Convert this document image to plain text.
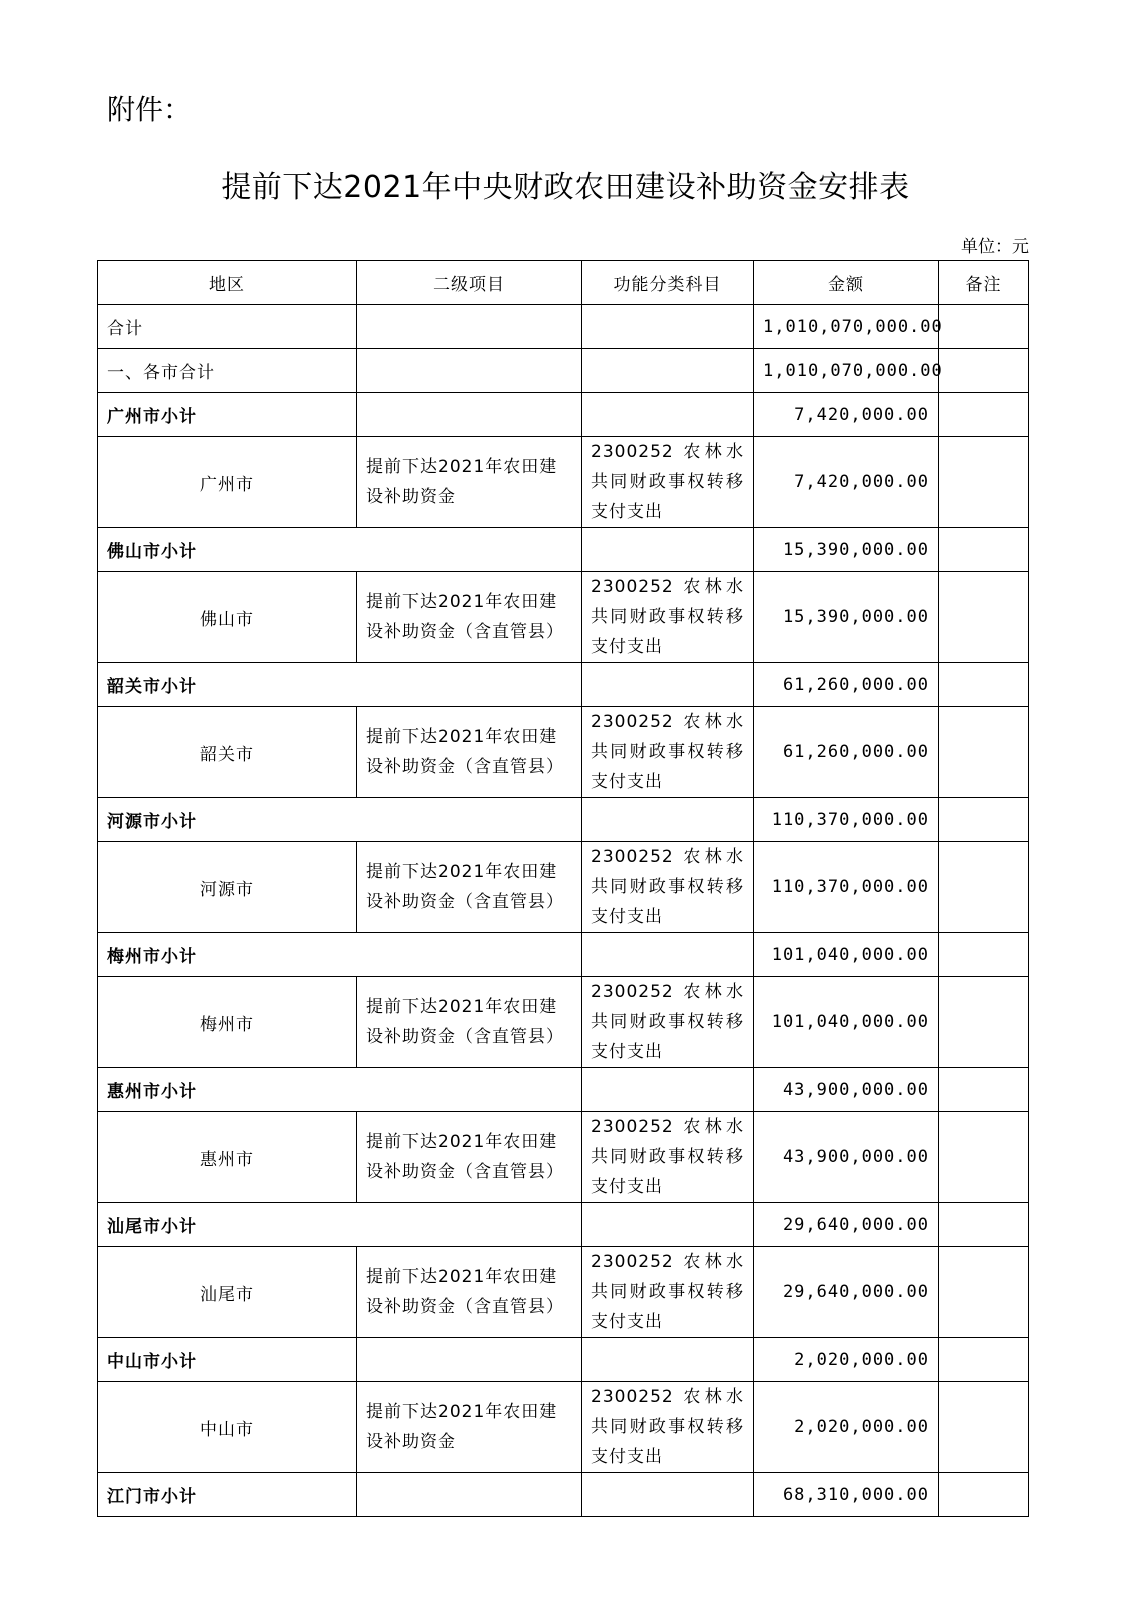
附件：
提前下达2021年中央财政农田建设补助资金安排表
单位：元
地区	二级项目	功能分类科目	金额	备注
合计			1,010,070,000.00	
一、各市合计			1,010,070,000.00	
广州市小计			7,420,000.00	
广州市	提前下达2021年农田建设补助资金	2300252 农林水共同财政事权转移支付支出	7,420,000.00	
佛山市小计			15,390,000.00	
佛山市	提前下达2021年农田建设补助资金（含直管县）	2300252 农林水共同财政事权转移支付支出	15,390,000.00	
韶关市小计			61,260,000.00	
韶关市	提前下达2021年农田建设补助资金（含直管县）	2300252 农林水共同财政事权转移支付支出	61,260,000.00	
河源市小计			110,370,000.00	
河源市	提前下达2021年农田建设补助资金（含直管县）	2300252 农林水共同财政事权转移支付支出	110,370,000.00	
梅州市小计			101,040,000.00	
梅州市	提前下达2021年农田建设补助资金（含直管县）	2300252 农林水共同财政事权转移支付支出	101,040,000.00	
惠州市小计			43,900,000.00	
惠州市	提前下达2021年农田建设补助资金（含直管县）	2300252 农林水共同财政事权转移支付支出	43,900,000.00	
汕尾市小计			29,640,000.00	
汕尾市	提前下达2021年农田建设补助资金（含直管县）	2300252 农林水共同财政事权转移支付支出	29,640,000.00	
中山市小计			2,020,000.00	
中山市	提前下达2021年农田建设补助资金	2300252 农林水共同财政事权转移支付支出	2,020,000.00	
江门市小计			68,310,000.00	
